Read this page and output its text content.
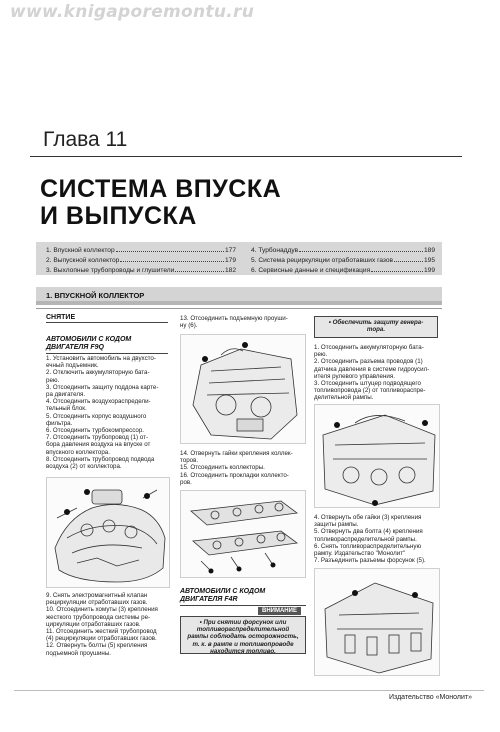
www.knigaporemontu.ru
Глава 11
СИСТЕМА ВПУСКА
И ВЫПУСКА
1. Впускной коллектор	177
2. Выпускной коллектор	179
3. Выхлопные трубопроводы и глушители	182
4. Турбонаддув	189
5. Система рециркуляции отработавших газов	195
6. Сервисные данные и спецификация	199
1. ВПУСКНОЙ КОЛЛЕКТОР
СНЯТИЕ
АВТОМОБИЛИ С КОДОМ
ДВИГАТЕЛЯ F9Q
1. Установить автомобиль на двухсто-
ечный подъемник.
2. Отключить аккумуляторную бата-
рею.
3. Отсоединить защиту поддона карте-
ра двигателя.
4. Отсоединить воздухораспредели-
тельный блок.
5. Отсоединить корпус воздушного
фильтра.
6. Отсоединить турбокомпрессор.
7. Отсоединить трубопровод (1) от-
бора давления воздуха на впуске от
впускного коллектора.
8. Отсоединить трубопровод подвода
воздуха (2) от коллектора.
9. Снять электромагнитный клапан
рециркуляции отработавших газов.
10. Отсоединить хомуты (3) крепления
жесткого трубопровода системы ре-
циркуляции отработавших газов.
11. Отсоединить жесткий трубопровод
(4) рециркуляции отработавших газов.
12. Отвернуть болты (5) крепления
подъемной проушины.
13. Отсоединить подъемную проуши-
ну (6).
14. Отвернуть гайки крепления коллек-
торов.
15. Отсоединить коллекторы.
16. Отсоединить прокладки коллекто-
ров.
АВТОМОБИЛИ С КОДОМ
ДВИГАТЕЛЯ F4R
ВНИМАНИЕ
• При снятии форсунок или
топливораспределительной
рампы соблюдать осторожность,
т. к. в рампе и топливопроводе
находится топливо.
• Обеспечить защиту генера-
тора.
1. Отсоединить аккумуляторную бата-
рею.
2. Отсоединить разъема проводов (1)
датчика давления в системе гидроусил-
ителя рулевого управления.
3. Отсоединить штуцер подводящего
топливопровода (2) от топливораспре-
делительной рампы.
4. Отвернуть обе гайки (3) крепления
защиты рампы.
5. Отвернуть два болта (4) крепления
топливораспределительной рампы.
6. Снять топливораспределительную
рампу. Издательство "Монолит"
7. Разъединить разъемы форсунок (5).
Издательство «Монолит»
